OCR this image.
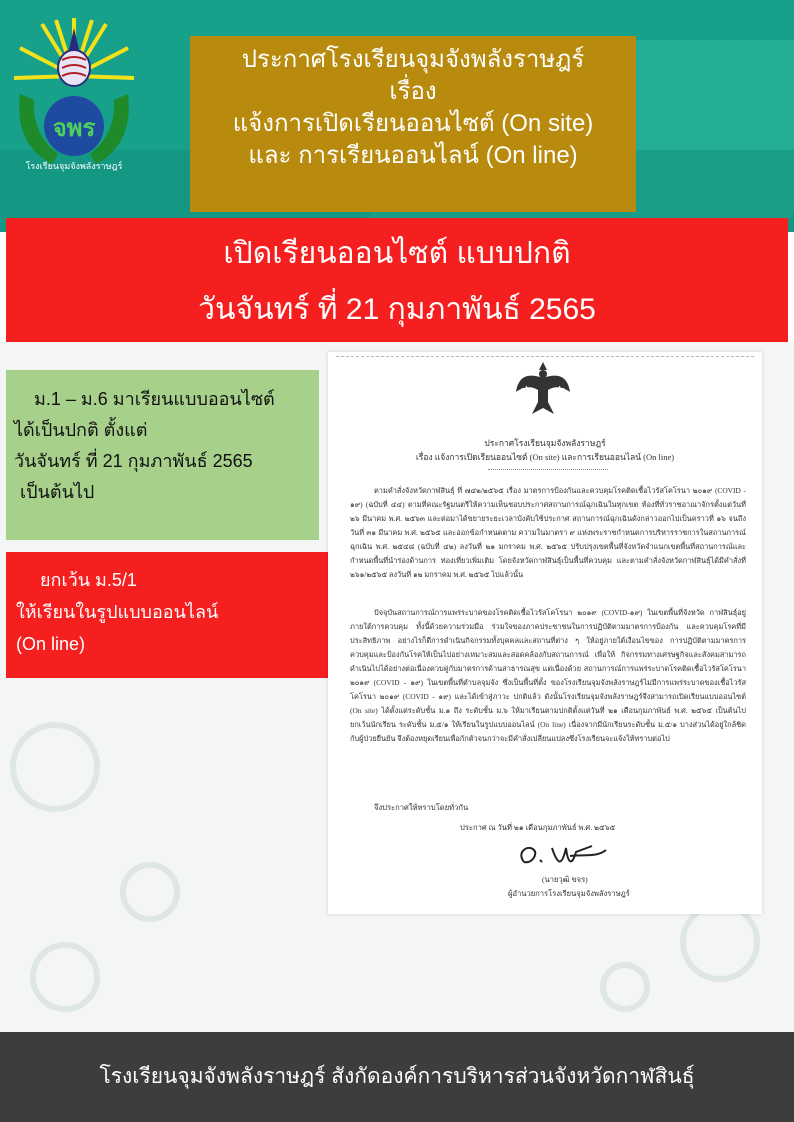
จพร
โรงเรียนจุมจังพลังราษฎร์
ประกาศโรงเรียนจุมจังพลังราษฎร์
เรื่อง
แจ้งการเปิดเรียนออนไซต์ (On site)
และ การเรียนออนไลน์ (On line)
เปิดเรียนออนไซต์ แบบปกติ
วันจันทร์ ที่ 21 กุมภาพันธ์ 2565
ม.1 – ม.6 มาเรียนแบบออนไซต์
ได้เป็นปกติ ตั้งแต่
วันจันทร์ ที่ 21 กุมภาพันธ์ 2565
เป็นต้นไป
ยกเว้น ม.5/1
ให้เรียนในรูปแบบออนไลน์
(On line)
ประกาศโรงเรียนจุมจังพลังราษฎร์
เรื่อง แจ้งการเปิดเรียนออนไซต์ (On site) และการเรียนออนไลน์ (On line)
ตามคำสั่งจังหวัดกาฬสินธุ์ ที่ ๗๔๒/๒๕๖๕ เรื่อง มาตรการป้องกันและควบคุมโรคติดเชื้อไวรัสโคโรนา ๒๐๑๙ (COVID - ๑๙) (ฉบับที่ ๔๔) ตามที่คณะรัฐมนตรีให้ความเห็นชอบประกาศสถานการณ์ฉุกเฉินในทุกเขต ท้องที่ทั่วราชอาณาจักรตั้งแต่วันที่ ๒๖ มีนาคม พ.ศ. ๒๕๖๓ และต่อมาได้ขยายระยะเวลาบังคับใช้ประกาศ สถานการณ์ฉุกเฉินดังกล่าวออกไปเป็นคราวที่ ๑๖ จนถึงวันที่ ๓๑ มีนาคม พ.ศ. ๒๕๖๕ และออกข้อกำหนดตาม ความในมาตรา ๙ แห่งพระราชกำหนดการบริหารราชการในสถานการณ์ฉุกเฉิน พ.ศ. ๒๕๔๘ (ฉบับที่ ๔๒) ลงวันที่ ๒๑ มกราคม พ.ศ. ๒๕๖๕ ปรับปรุงเขตพื้นที่จังหวัดจำแนกเขตพื้นที่สถานการณ์และกำหนดพื้นที่นำร่องด้านการ ท่องเที่ยวเพิ่มเติม โดยจังหวัดกาฬสินธุ์เป็นพื้นที่ควบคุม และตามคำสั่งจังหวัดกาฬสินธุ์ได้มีคำสั่งที่ ๒๖๑/๒๕๖๕ ลงวันที่ ๑๒ มกราคม พ.ศ. ๒๕๖๕ ไปแล้วนั้น
ปัจจุบันสถานการณ์การแพร่ระบาดของโรคติดเชื้อไวรัสโคโรนา ๒๐๑๙ (COVID-๑๙) ในเขตพื้นที่จังหวัด กาฬสินธุ์อยู่ภายใต้การควบคุม ทั้งนี้ด้วยความร่วมมือ ร่วมใจของภาคประชาชนในการปฏิบัติตามมาตรการป้องกัน และควบคุมโรคที่มีประสิทธิภาพ อย่างไรก็ดีการดำเนินกิจกรรมทั้งบุคคลและสถานที่ต่าง ๆ ให้อยู่ภายใต้เงื่อนไขของ การปฏิบัติตามมาตรการควบคุมและป้องกันโรคให้เป็นไปอย่างเหมาะสมและสอดคล้องกับสถานการณ์ เพื่อให้ กิจกรรมทางเศรษฐกิจและสังคมสามารถดำเนินไปได้อย่างต่อเนื่องควบคู่กับมาตรการด้านสาธารณสุข แต่เนื่องด้วย สถานการณ์การแพร่ระบาดโรคติดเชื้อไวรัสโคโรนา ๒๐๑๙ (COVID - ๑๙) ในเขตพื้นที่ตำบลจุมจัง ซึ่งเป็นพื้นที่ตั้ง ของโรงเรียนจุมจังพลังราษฎร์ไม่มีการแพร่ระบาดของเชื้อไวรัสโคโรนา ๒๐๑๙ (COVID - ๑๙) และได้เข้าสู่ภาวะ ปกติแล้ว ดังนั้นโรงเรียนจุมจังพลังราษฎร์จึงสามารถเปิดเรียนแบบออนไซต์ (On site) ได้ตั้งแต่ระดับชั้น ม.๑ ถึง ระดับชั้น ม.๖ ให้มาเรียนตามปกติตั้งแต่วันที่ ๒๑ เดือนกุมภาพันธ์ พ.ศ. ๒๕๖๕ เป็นต้นไป ยกเว้นนักเรียน ระดับชั้น ม.๕/๑ ให้เรียนในรูปแบบออนไลน์ (On line) เนื่องจากมีนักเรียนระดับชั้น ม.๕/๑ บางส่วนได้อยู่ใกล้ชิด กับผู้ป่วยยืนยัน จึงต้องหยุดเรียนเพื่อกักตัวจนกว่าจะมีคำสั่งเปลี่ยนแปลงซึ่งโรงเรียนจะแจ้งให้ทราบต่อไป
จึงประกาศให้ทราบโดยทั่วกัน
ประกาศ ณ วันที่ ๒๑ เดือนกุมภาพันธ์ พ.ศ. ๒๕๖๕
(นายวุฒิ ขจร)
ผู้อำนวยการโรงเรียนจุมจังพลังราษฎร์
โรงเรียนจุมจังพลังราษฎร์ สังกัดองค์การบริหารส่วนจังหวัดกาฬสินธุ์
